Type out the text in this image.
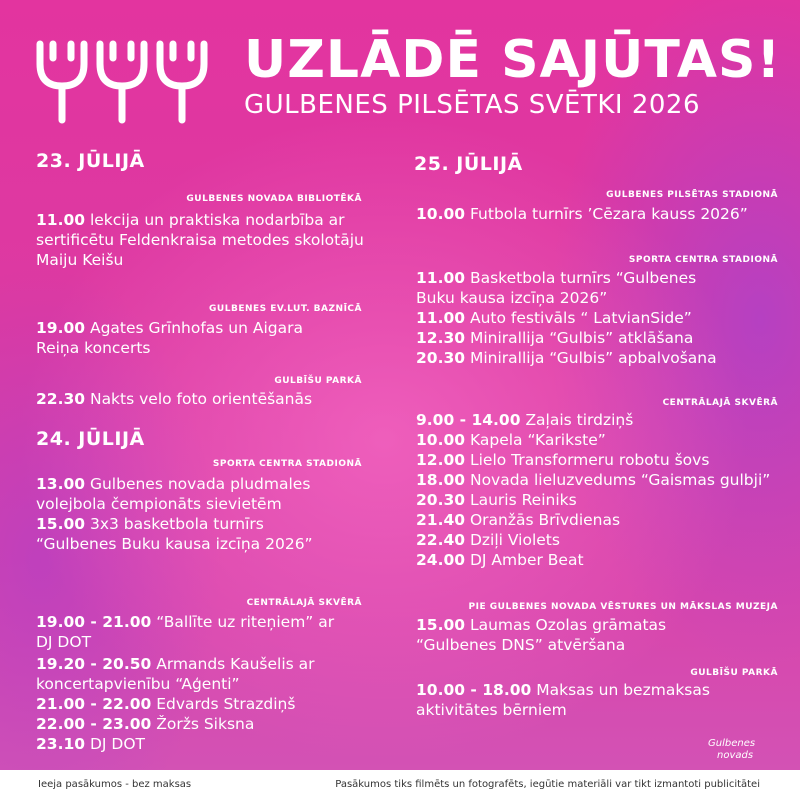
UZLĀDĒ SAJŪTAS!
GULBENES PILSĒTAS SVĒTKI 2026
23. JŪLIJĀ
GULBENES NOVADA BIBLIOTĒKĀ
11.00 lekcija un praktiska nodarbība ar sertificētu Feldenkraisa metodes skolotāju Maiju Keišu
GULBENES EV.LUT. BAZNĪCĀ
19.00 Agates Grīnhofas un Aigara Reiņa koncerts
GULBĪŠU PARKĀ
22.30 Nakts velo foto orientēšanās
24. JŪLIJĀ
SPORTA CENTRA STADIONĀ
13.00 Gulbenes novada pludmales volejbola čempionāts sievietēm
15.00 3x3 basketbola turnīrs “Gulbenes Buku kausa izcīņa 2026”
CENTRĀLAJĀ SKVĒRĀ
19.00 - 21.00 “Ballīte uz riteņiem” ar DJ DOT
19.20 - 20.50 Armands Kaušelis ar koncertapvienību “Aģenti”
21.00 - 22.00 Edvards Strazdiņš
22.00 - 23.00 Žoržs Siksna
23.10 DJ DOT
25. JŪLIJĀ
GULBENES PILSĒTAS STADIONĀ
10.00 Futbola turnīrs ’Cēzara kauss 2026”
SPORTA CENTRA STADIONĀ
11.00 Basketbola turnīrs “Gulbenes Buku kausa izcīņa 2026”
11.00 Auto festivāls “ LatvianSide”
12.30 Minirallija “Gulbis” atklāšana
20.30 Minirallija “Gulbis” apbalvošana
CENTRĀLAJĀ SKVĒRĀ
9.00 - 14.00 Zaļais tirdziņš
10.00 Kapela “Karikste”
12.00 Lielo Transformeru robotu šovs
18.00 Novada lieluzvedums “Gaismas gulbji”
20.30 Lauris Reiniks
21.40 Oranžās Brīvdienas
22.40 Dziļi Violets
24.00 DJ Amber Beat
PIE GULBENES NOVADA VĒSTURES UN MĀKSLAS MUZEJA
15.00 Laumas Ozolas grāmatas “Gulbenes DNS” atvēršana
GULBĪŠU PARKĀ
10.00 - 18.00 Maksas un bezmaksas aktivitātes bērniem
Gulbenes
novads
Ieeja pasākumos - bez maksas	Pasākumos tiks filmēts un fotografēts, iegūtie materiāli var tikt izmantoti publicitātei
